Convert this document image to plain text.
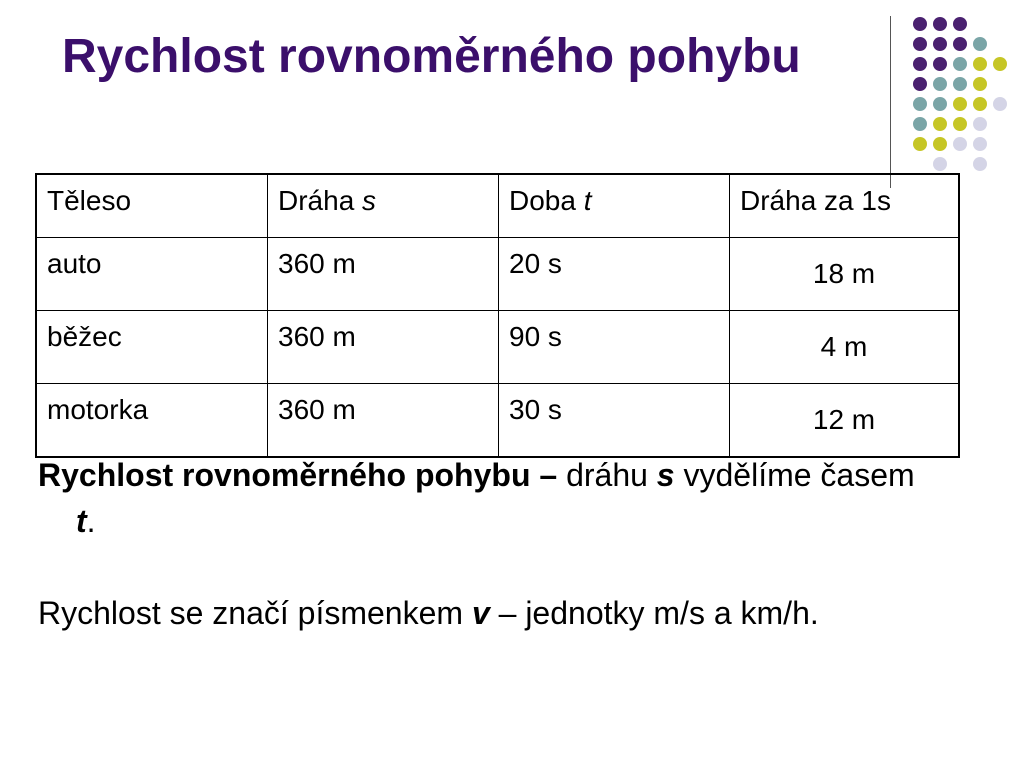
Rychlost rovnoměrného pohybu
Těleso	Dráha s	Doba t	Dráha za 1s
auto	360 m	20 s	18 m
běžec	360 m	90 s	4 m
motorka	360 m	30 s	12 m

Rychlost rovnoměrného pohybu – dráhu s vydělíme časem t.

Rychlost se značí písmenkem v – jednotky m/s a km/h.
